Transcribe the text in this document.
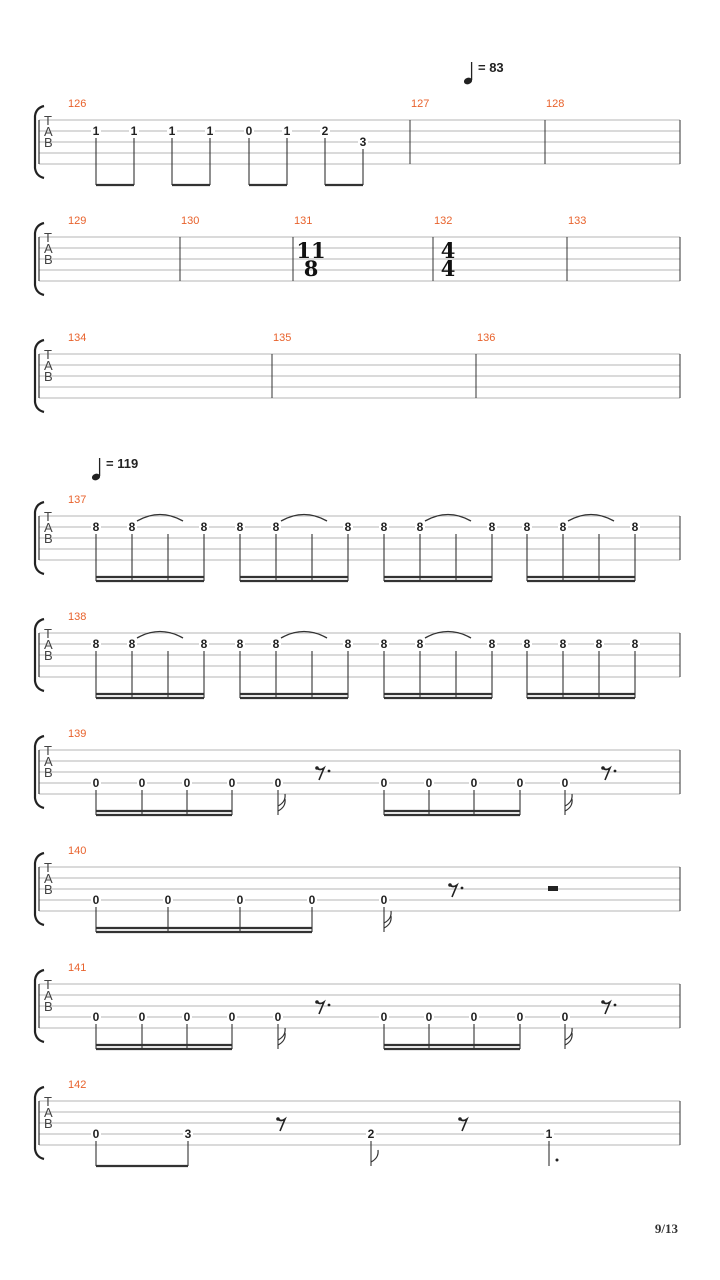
T
A
B
126	127	128
T
A
B
129	130	131	132	133
T
A
B
134	135	136
T
A
B
137
T
A
B
138
T
A
B
139
T
A
B
140
T
A
B
141
T
A
B
142
= 83
= 119
1	1	1	1	0	1	2
3
11
8
4
4
8 8	8 8 8	8 8 8	8 8 8	8
8 8	8 8 8	8 8 8	8 8 8 8 8
0	0	0	0	0	0	0	0	0	0
0	0	0	0	0	0	0	0	0	0
0	0	0	0	0
0	3	2	1
9/13
